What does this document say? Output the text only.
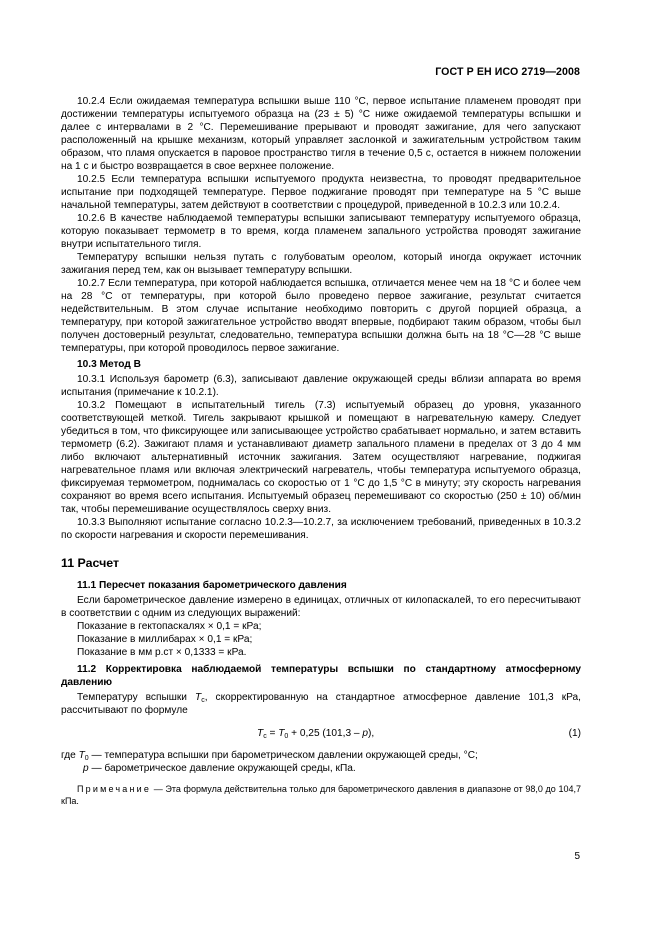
ГОСТ Р ЕН ИСО 2719—2008

10.2.4 Если ожидаемая температура вспышки выше 110 °С, первое испытание пламенем проводят при достижении температуры испытуемого образца на (23 ± 5) °С ниже ожидаемой температуры вспышки и далее с интервалами в 2 °С. Перемешивание прерывают и проводят зажигание, для чего запускают расположенный на крышке механизм, который управляет заслонкой и зажигательным устройством таким образом, что пламя опускается в паровое пространство тигля в течение 0,5 с, остается в нижнем положении на 1 с и быстро возвращается в свое верхнее положение.

10.2.5 Если температура вспышки испытуемого продукта неизвестна, то проводят предварительное испытание при подходящей температуре. Первое поджигание проводят при температуре на 5 °С выше начальной температуры, затем действуют в соответствии с процедурой, приведенной в 10.2.3 или 10.2.4.

10.2.6 В качестве наблюдаемой температуры вспышки записывают температуру испытуемого образца, которую показывает термометр в то время, когда пламенем запального устройства проводят зажигание внутри испытательного тигля.

Температуру вспышки нельзя путать с голубоватым ореолом, который иногда окружает источник зажигания перед тем, как он вызывает температуру вспышки.

10.2.7 Если температура, при которой наблюдается вспышка, отличается менее чем на 18 °С и более чем на 28 °С от температуры, при которой было проведено первое зажигание, результат считается недействительным. В этом случае испытание необходимо повторить с другой порцией образца, а температуру, при которой зажигательное устройство вводят впервые, подбирают таким образом, чтобы был получен достоверный результат, следовательно, температура вспышки должна быть на 18 °С—28 °С выше температуры, при которой проводилось первое зажигание.

10.3 Метод В

10.3.1 Используя барометр (6.3), записывают давление окружающей среды вблизи аппарата во время испытания (примечание к 10.2.1).

10.3.2 Помещают в испытательный тигель (7.3) испытуемый образец до уровня, указанного соответствующей меткой. Тигель закрывают крышкой и помещают в нагревательную камеру. Следует убедиться в том, что фиксирующее или записывающее устройство срабатывает нормально, и затем вставить термометр (6.2). Зажигают пламя и устанавливают диаметр запального пламени в пределах от 3 до 4 мм либо включают альтернативный источник зажигания. Затем осуществляют нагревание, поджигая нагревательное пламя или включая электрический нагреватель, чтобы температура испытуемого образца, фиксируемая термометром, поднималась со скоростью от 1 °С до 1,5 °С в минуту; эту скорость нагревания сохраняют во время всего испытания. Испытуемый образец перемешивают со скоростью (250 ± 10) об/мин так, чтобы перемешивание осуществлялось сверху вниз.

10.3.3 Выполняют испытание согласно 10.2.3—10.2.7, за исключением требований, приведенных в 10.3.2 по скорости нагревания и скорости перемешивания.

11 Расчет

11.1 Пересчет показания барометрического давления

Если барометрическое давление измерено в единицах, отличных от килопаскалей, то его пересчитывают в соответствии с одним из следующих выражений:

Показание в гектопаскалях × 0,1 = кРа;

Показание в миллибарах × 0,1 = кРа;

Показание в мм р.ст × 0,1333 = кРа.

11.2 Корректировка наблюдаемой температуры вспышки по стандартному атмосферному давлению

Температуру вспышки $T_c$, скорректированную на стандартное атмосферное давление 101,3 кРа, рассчитывают по формуле

$T_c = T_0 + 0,25$ (101,3 – p),	(1)

где $T_0$ — температура вспышки при барометрическом давлении окружающей среды, °С;

p — барометрическое давление окружающей среды, кПа.

Примечание — Эта формула действительна только для барометрического давления в диапазоне от 98,0 до 104,7 кПа.

5
